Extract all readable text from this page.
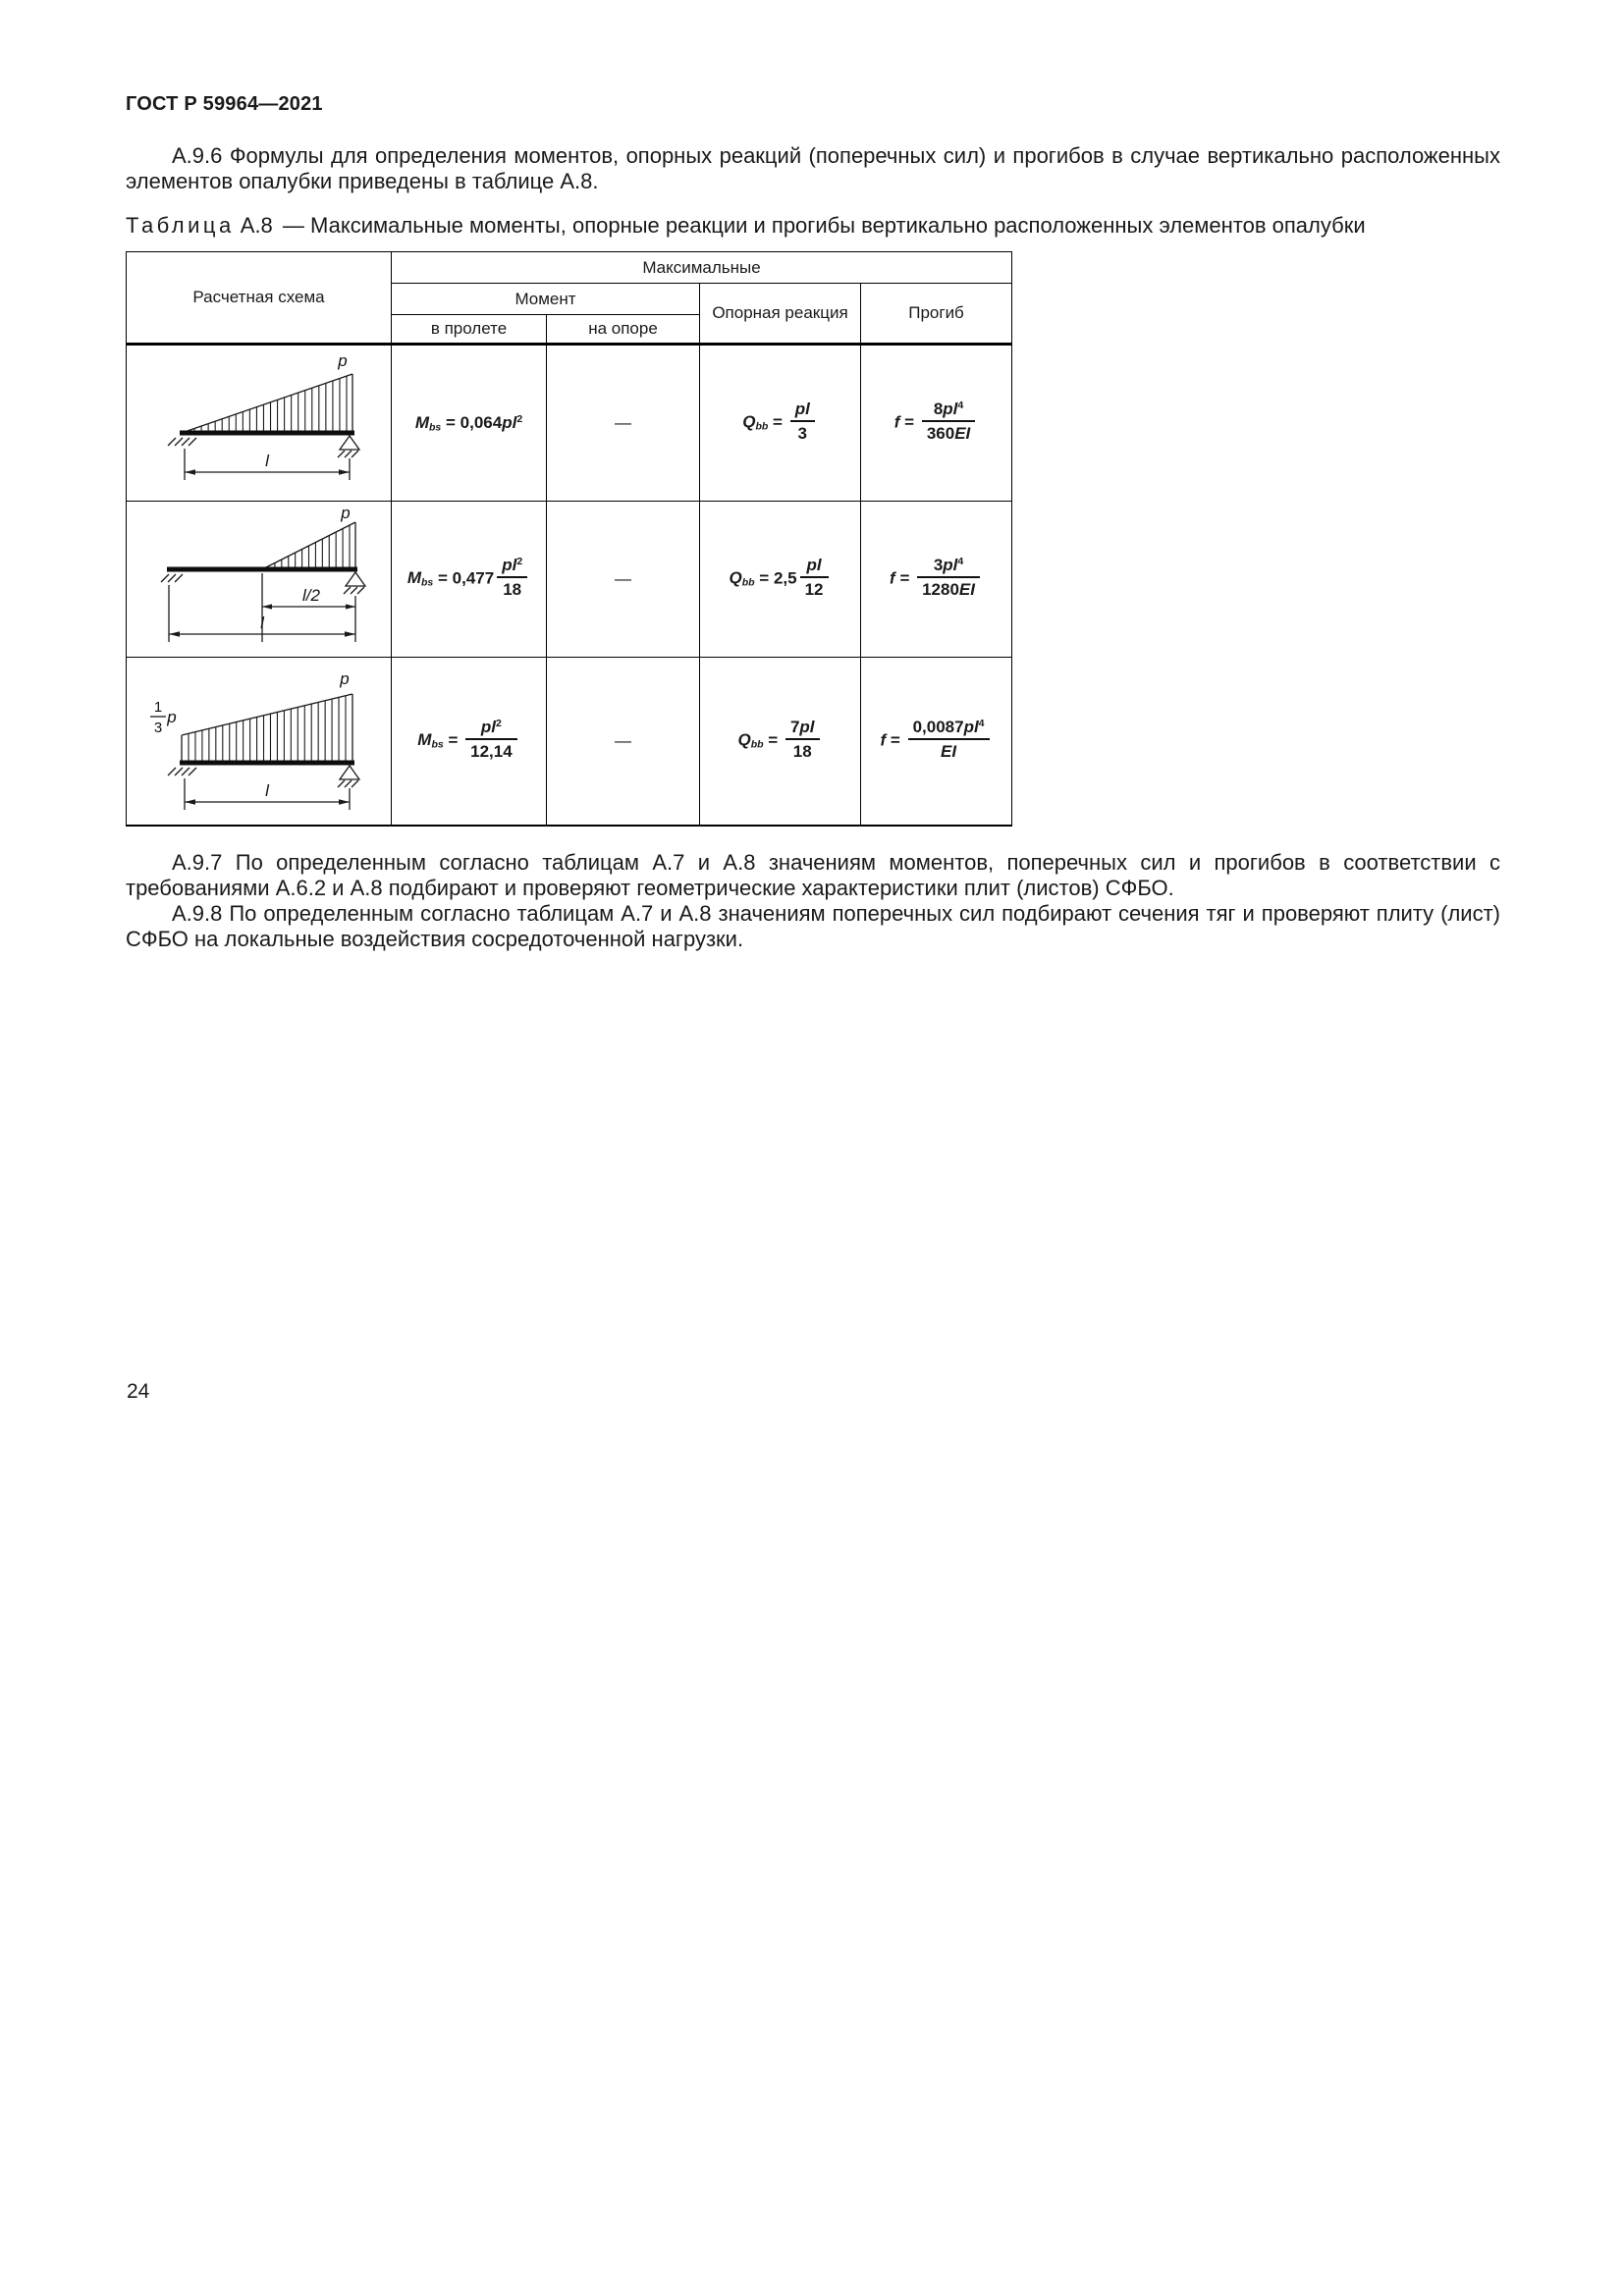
ГОСТ Р 59964—2021

А.9.6 Формулы для определения моментов, опорных реакций (поперечных сил) и прогибов в случае вертикально расположенных элементов опалубки приведены в таблице А.8.

Таблица А.8 — Максимальные моменты, опорные реакции и прогибы вертикально расположенных элементов опалубки

Расчетная схема	Максимальные			
	Момент		Опорная реакция	Прогиб
	в пролете	на опоре		

p
l	$M_{bs} = 0,064pl^2$	—	$Q_{bb} = \frac{pl}{3}$	$f = \frac{8pl^4}{360EI}$

p
l/2
l	$M_{bs} = 0,477 \frac{pl^2}{18}$	—	$Q_{bb} = 2,5 \frac{pl}{12}$	$f = \frac{3pl^4}{1280EI}$

1
3
p
p
l	$M_{bs} = \frac{pl^2}{12,14}$	—	$Q_{bb} = \frac{7pl}{18}$	$f = \frac{0,0087pl^4}{EI}$

А.9.7 По определенным согласно таблицам А.7 и А.8 значениям моментов, поперечных сил и прогибов в соответствии с требованиями А.6.2 и А.8 подбирают и проверяют геометрические характеристики плит (листов) СФБО.

А.9.8 По определенным согласно таблицам А.7 и А.8 значениям поперечных сил подбирают сечения тяг и проверяют плиту (лист) СФБО на локальные воздействия сосредоточенной нагрузки.

24
